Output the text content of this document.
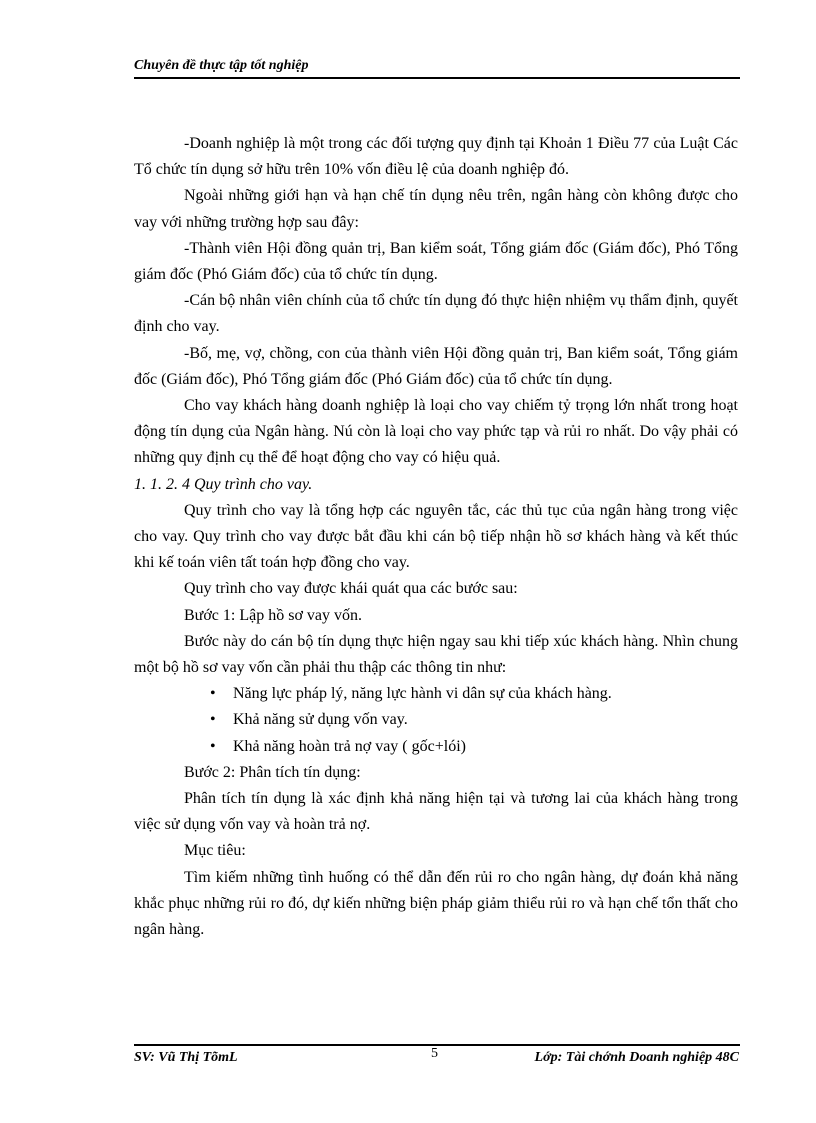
Chuyên đề thực tập tốt nghiệp

-Doanh nghiệp là một trong các đối tượng quy định tại Khoản 1 Điều 77 của Luật Các Tổ chức tín dụng sở hữu trên 10% vốn điều lệ của doanh nghiệp đó.

Ngoài những giới hạn và hạn chế tín dụng nêu trên, ngân hàng còn không được cho vay với những trường hợp sau đây:

-Thành viên Hội đồng quản trị, Ban kiểm soát, Tổng giám đốc (Giám đốc), Phó Tổng giám đốc (Phó Giám đốc) của tổ chức tín dụng.

-Cán bộ nhân viên chính của tổ chức tín dụng đó thực hiện nhiệm vụ thẩm định, quyết định cho vay.

-Bố, mẹ, vợ, chồng, con của thành viên Hội đồng quản trị, Ban kiểm soát, Tổng giám đốc (Giám đốc), Phó Tổng giám đốc (Phó Giám đốc) của tổ chức tín dụng.

Cho vay khách hàng doanh nghiệp là loại cho vay chiếm tỷ trọng lớn nhất trong hoạt động tín dụng của Ngân hàng. Nú còn là loại cho vay phức tạp và rủi ro nhất. Do vậy phải có những quy định cụ thể để hoạt động cho vay có hiệu quả.

1. 1. 2. 4 Quy trình cho vay.

Quy trình cho vay là tổng hợp các nguyên tắc, các thủ tục của ngân hàng trong việc cho vay. Quy trình cho vay được bắt đầu khi cán bộ tiếp nhận hồ sơ khách hàng và kết thúc khi kế toán viên tất toán hợp đồng cho vay.

Quy trình cho vay được khái quát qua các bước sau:

Bước 1: Lập hồ sơ vay vốn.

Bước này do cán bộ tín dụng thực hiện ngay sau khi tiếp xúc khách hàng. Nhìn chung một bộ hồ sơ vay vốn cần phải thu thập các thông tin như:

• Năng lực pháp lý, năng lực hành vi dân sự của khách hàng.
• Khả năng sử dụng vốn vay.
• Khả năng hoàn trả nợ vay ( gốc+lói)

Bước 2: Phân tích tín dụng:

Phân tích tín dụng là xác định khả năng hiện tại và tương lai của khách hàng trong việc sử dụng vốn vay và hoàn trả nợ.

Mục tiêu:

Tìm kiếm những tình huống có thể dẫn đến rủi ro cho ngân hàng, dự đoán khả năng khắc phục những rủi ro đó, dự kiến những biện pháp giảm thiểu rủi ro và hạn chế tổn thất cho ngân hàng.

SV: Vũ Thị TõmL	5	Lớp: Tài chớnh Doanh nghiệp 48C
